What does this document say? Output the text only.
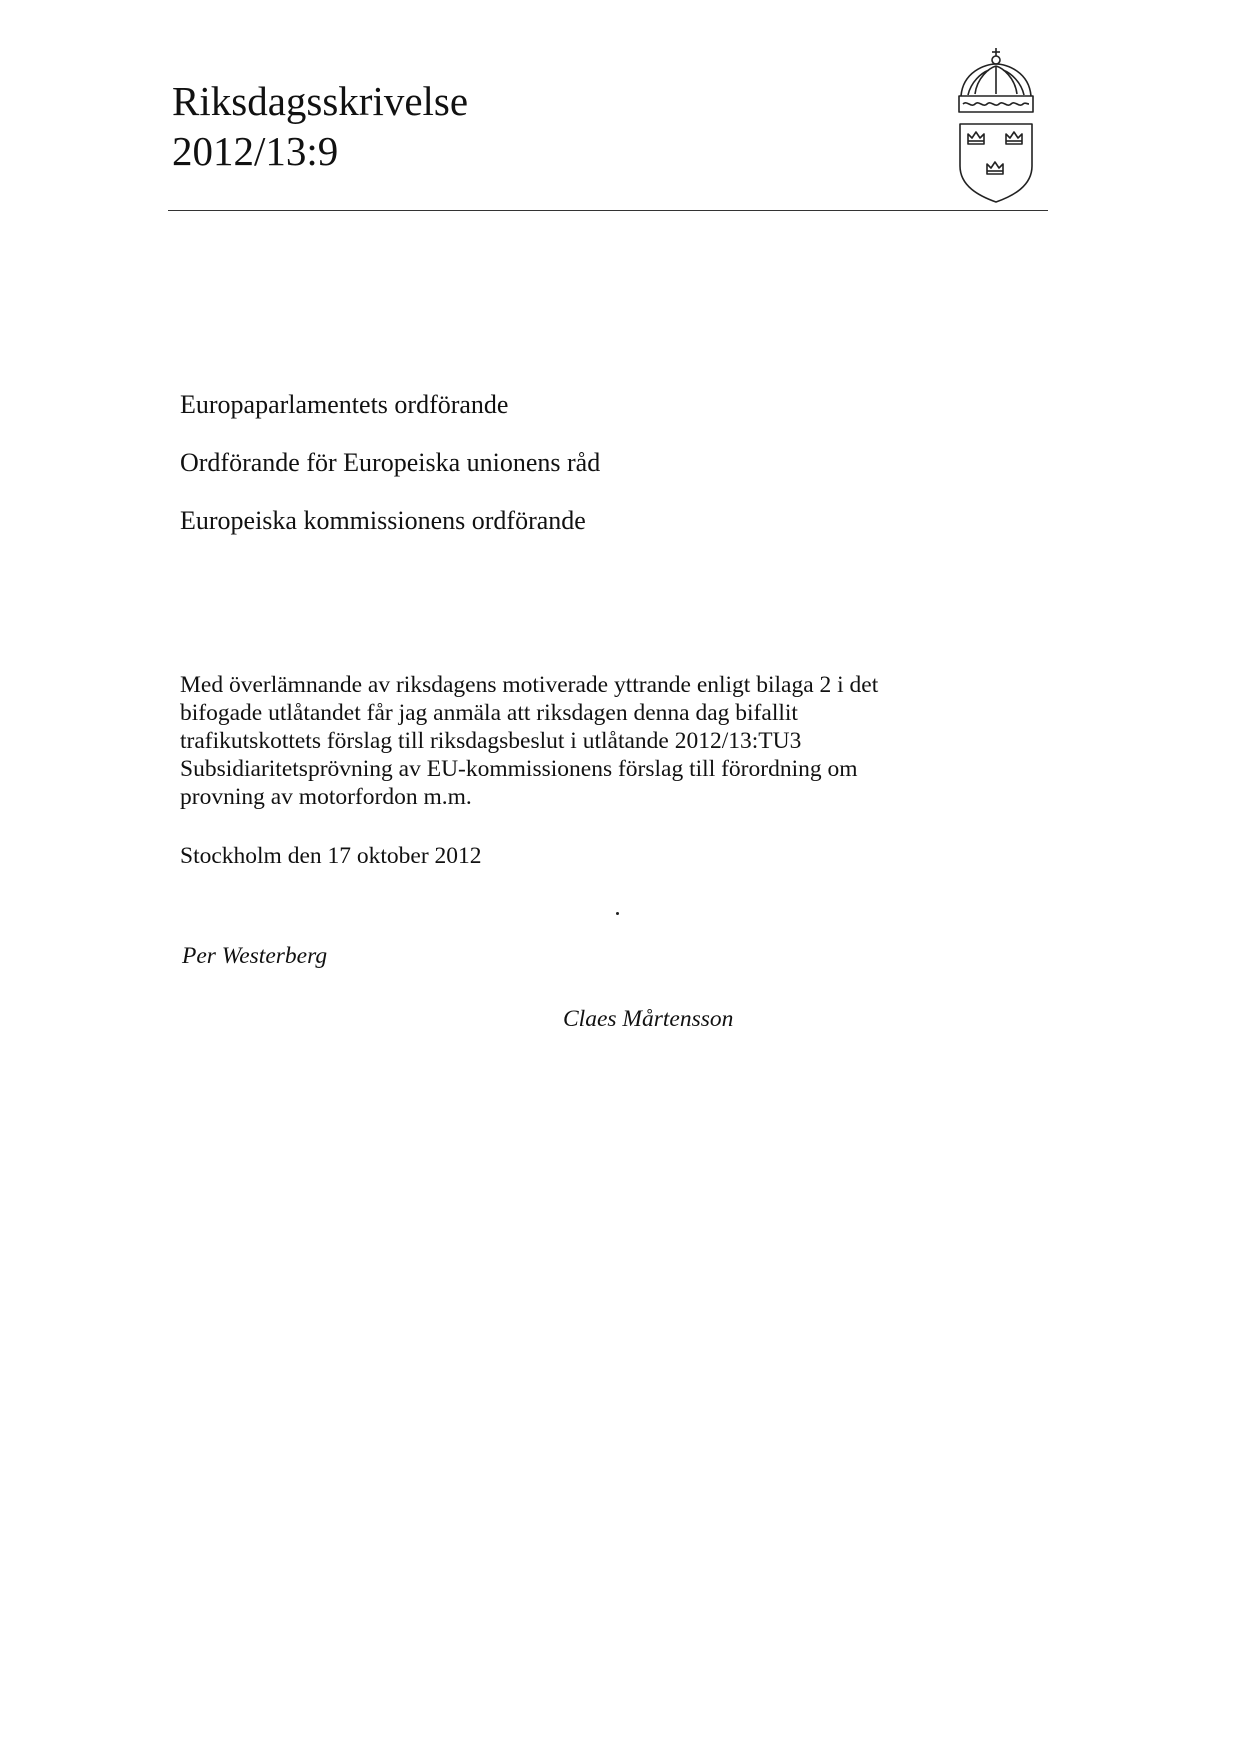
Riksdagsskrivelse
2012/13:9
Europaparlamentets ordförande
Ordförande för Europeiska unionens råd
Europeiska kommissionens ordförande

Med överlämnande av riksdagens motiverade yttrande enligt bilaga 2 i det
bifogade utlåtandet får jag anmäla att riksdagen denna dag bifallit
trafikutskottets förslag till riksdagsbeslut i utlåtande 2012/13:TU3
Subsidiaritetsprövning av EU-kommissionens förslag till förordning om
provning av motorfordon m.m.

Stockholm den 17 oktober 2012

Per Westerberg

Claes Mårtensson
